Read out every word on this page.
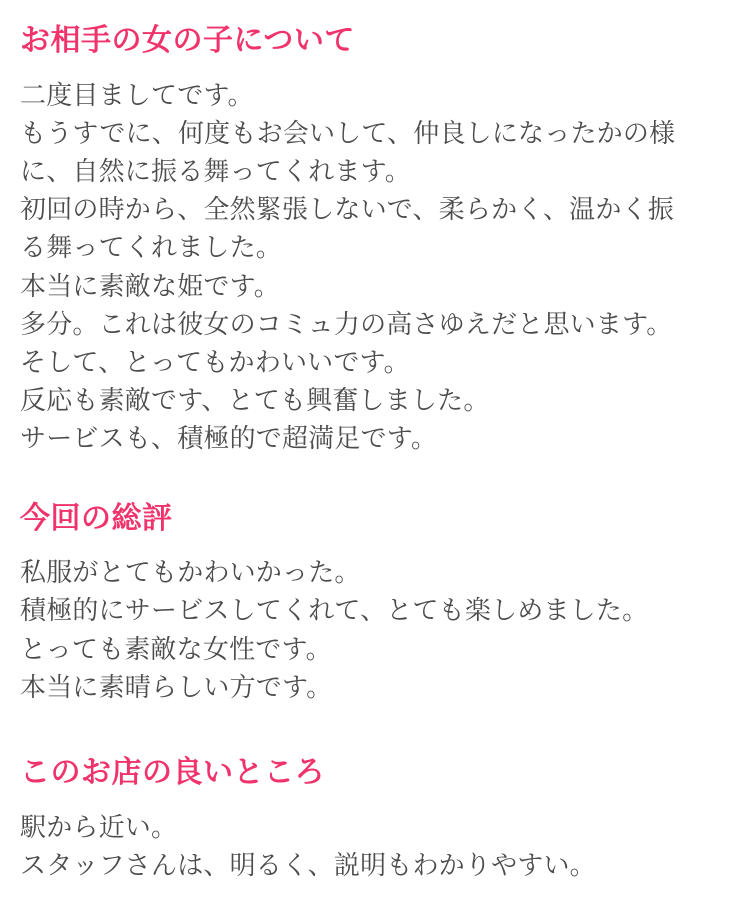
お相手の女の子について

二度目ましてです。

もうすでに、何度もお会いして、仲良しになったかの様

に、自然に振る舞ってくれます。

初回の時から、全然緊張しないで、柔らかく、温かく振

る舞ってくれました。

本当に素敵な姫です。

多分。これは彼女のコミュ力の高さゆえだと思います。

そして、とってもかわいいです。

反応も素敵です、とても興奮しました。

サービスも、積極的で超満足です。

今回の総評

私服がとてもかわいかった。

積極的にサービスしてくれて、とても楽しめました。

とっても素敵な女性です。

本当に素晴らしい方です。

このお店の良いところ

駅から近い。

スタッフさんは、明るく、説明もわかりやすい。
